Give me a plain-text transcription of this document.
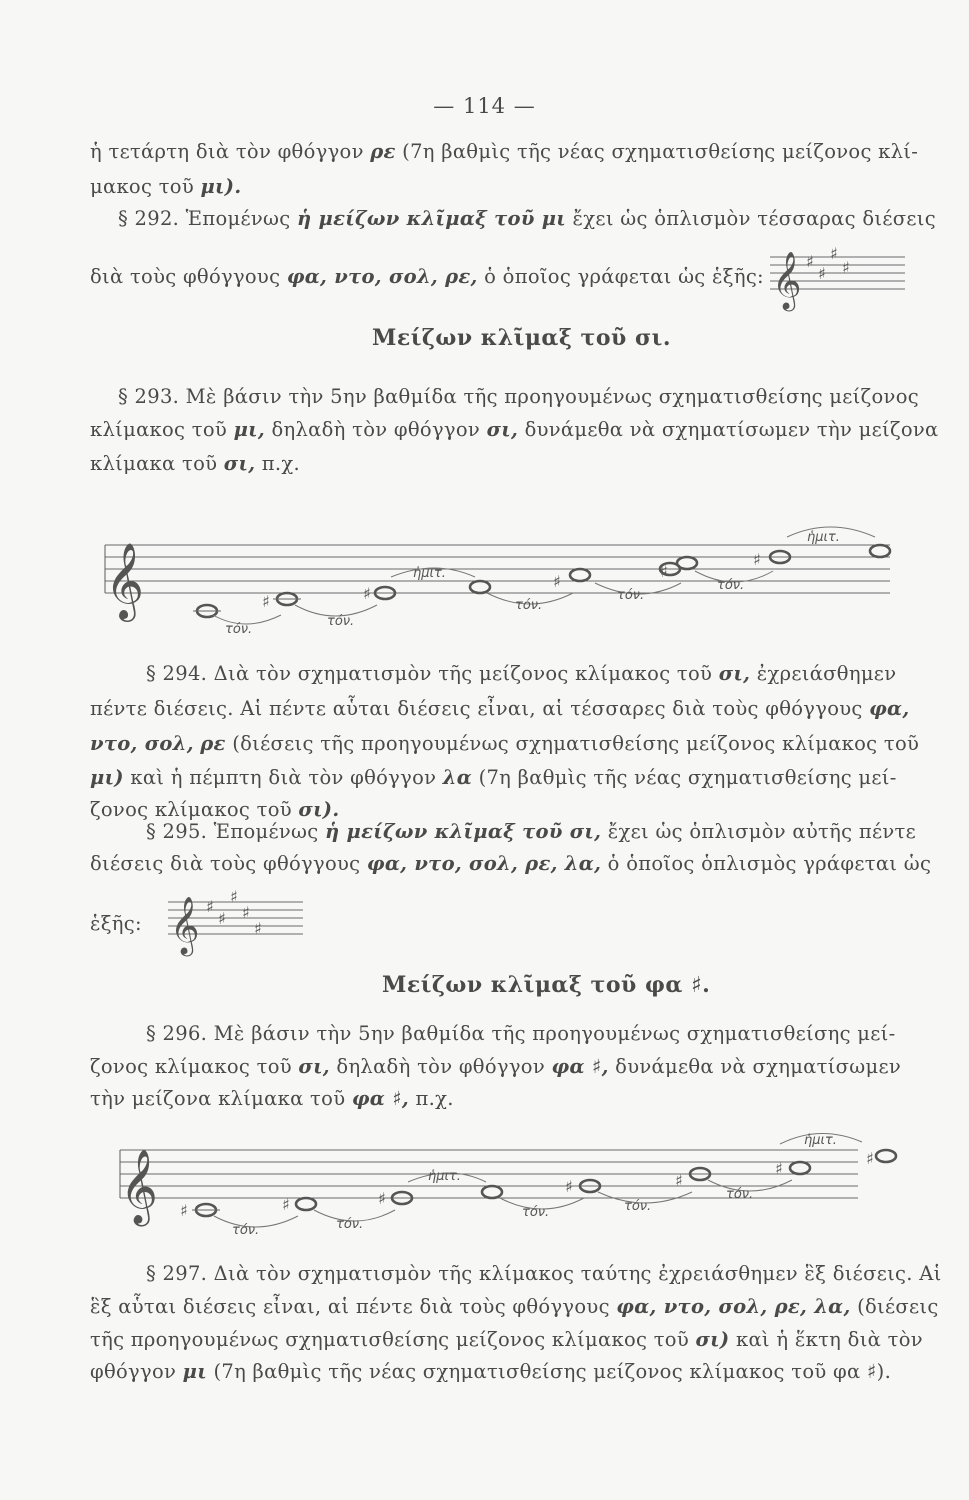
— 114 —
ἡ τετάρτη διὰ τὸν φθόγγον ρε (7η βαθμὶς τῆς νέας σχηματισθείσης μείζονος κλί-
μακος τοῦ μι).
§ 292. Ἑπομένως ἡ μείζων κλῖμαξ τοῦ μι ἔχει ὡς ὁπλισμὸν τέσσαρας διέσεις
διὰ τοὺς φθόγγους φα, ντο, σολ, ρε, ὁ ὁποῖος γράφεται ὡς ἑξῆς: 𝄞 ♯
♯
♯
♯
Μείζων κλῖμαξ τοῦ σι.
§ 293. Μὲ βάσιν τὴν 5ην βαθμίδα τῆς προηγουμένως σχηματισθείσης μείζονος
κλίμακος τοῦ μι, δηλαδὴ τὸν φθόγγον σι, δυνάμεθα νὰ σχηματίσωμεν τὴν μείζονα
κλίμακα τοῦ σι, π.χ.
𝄞	♯	♯
♯
♯
♯
τόν.
τόν.
ἡμιτ.
τόν.
τόν.
τόν.
ἡμιτ.
§ 294. Διὰ τὸν σχηματισμὸν τῆς μείζονος κλίμακος τοῦ σι, ἐχρειάσθημεν
πέντε διέσεις. Αἱ πέντε αὗται διέσεις εἶναι, αἱ τέσσαρες διὰ τοὺς φθόγγους φα,
ντο, σολ, ρε (διέσεις τῆς προηγουμένως σχηματισθείσης μείζονος κλίμακος τοῦ
μι) καὶ ἡ πέμπτη διὰ τὸν φθόγγον λα (7η βαθμὶς τῆς νέας σχηματισθείσης μεί-
ζονος κλίμακος τοῦ σι).
§ 295. Ἑπομένως ἡ μείζων κλῖμαξ τοῦ σι, ἔχει ὡς ὁπλισμὸν αὐτῆς πέντε
διέσεις διὰ τοὺς φθόγγους φα, ντο, σολ, ρε, λα, ὁ ὁποῖος ὁπλισμὸς γράφεται ὡς
ἑξῆς: 𝄞 ♯
♯
♯
♯
♯
Μείζων κλῖμαξ τοῦ φα ♯.
§ 296. Μὲ βάσιν τὴν 5ην βαθμίδα τῆς προηγουμένως σχηματισθείσης μεί-
ζονος κλίμακος τοῦ σι, δηλαδὴ τὸν φθόγγον φα ♯, δυνάμεθα νὰ σχηματίσωμεν
τὴν μείζονα κλίμακα τοῦ φα ♯, π.χ.
𝄞 ♯	♯	♯
♯	♯
♯
♯
τόν.	τόν.
ἡμιτ.
τόν.	τόν.
τόν.
ἡμιτ.
§ 297. Διὰ τὸν σχηματισμὸν τῆς κλίμακος ταύτης ἐχρειάσθημεν ἓξ διέσεις. Αἱ
ἓξ αὗται διέσεις εἶναι, αἱ πέντε διὰ τοὺς φθόγγους φα, ντο, σολ, ρε, λα, (διέσεις
τῆς προηγουμένως σχηματισθείσης μείζονος κλίμακος τοῦ σι) καὶ ἡ ἕκτη διὰ τὸν
φθόγγον μι (7η βαθμὶς τῆς νέας σχηματισθείσης μείζονος κλίμακος τοῦ φα ♯).
